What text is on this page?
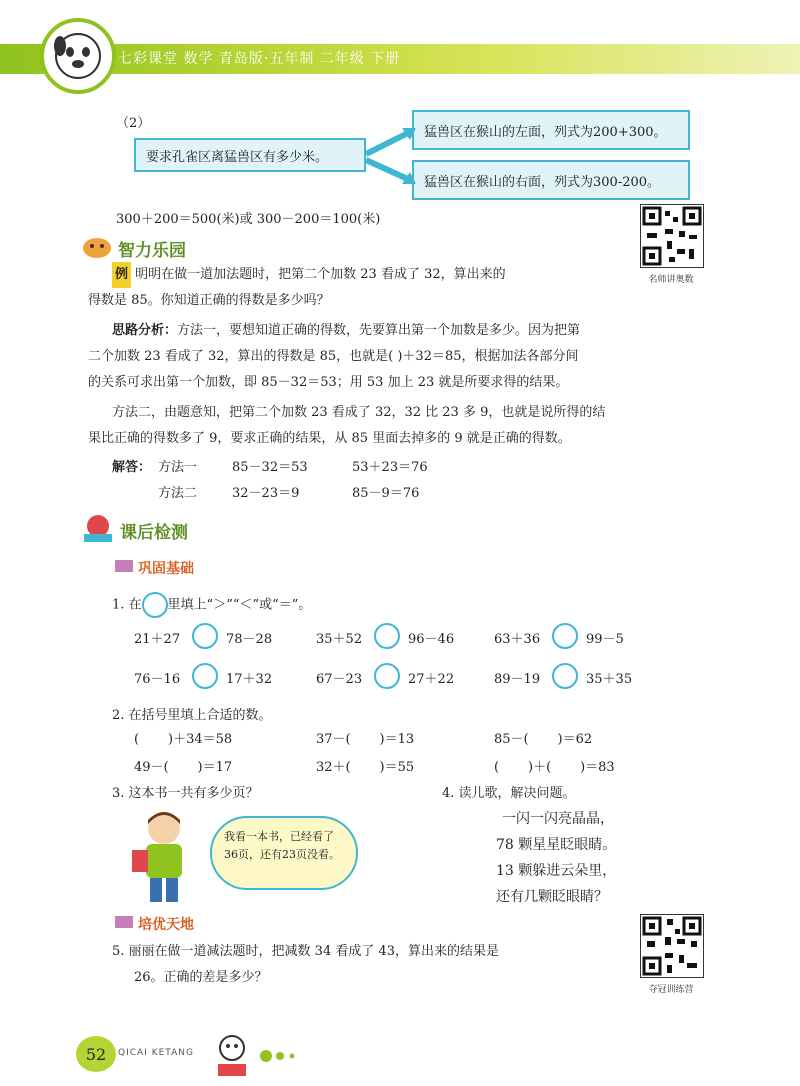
七彩课堂 数学 青岛版·五年制 二年级 下册
（2）
要求孔雀区离猛兽区有多少米。
猛兽区在猴山的左面，列式为200+300。
猛兽区在猴山的右面，列式为300-200。
300＋200＝500(米)或 300－200＝100(米)
名师讲奥数
智力乐园
例 明明在做一道加法题时，把第二个加数 23 看成了 32，算出来的
得数是 85。你知道正确的得数是多少吗？
思路分析：方法一，要想知道正确的得数，先要算出第一个加数是多少。因为把第
二个加数 23 看成了 32，算出的得数是 85，也就是( )＋32＝85，根据加法各部分间
的关系可求出第一个加数，即 85－32＝53；用 53 加上 23 就是所要求得的结果。
方法二，由题意知，把第二个加数 23 看成了 32，32 比 23 多 9，也就是说所得的结
果比正确的得数多了 9，要求正确的结果，从 85 里面去掉多的 9 就是正确的得数。
解答： 方法一	85－32＝53	53＋23＝76
方法二	32－23＝9	85－9＝76
课后检测
巩固基础
1. 在 里填上“＞”“＜”或“＝”。
21＋27	78－28	35＋52	96－46	63＋36	99－5
76－16	17＋32	67－23	27＋22	89－19	35＋35
2. 在括号里填上合适的数。
(       )＋34＝58	37－(       )＝13	85－(       )＝62
49－(       )＝17	32＋(       )＝55	(       )＋(       )＝83
3. 这本书一共有多少页？
我看一本书，已经看了36页，还有23页没看。
4. 读儿歌，解决问题。
一闪一闪亮晶晶，
78 颗星星眨眼睛。
13 颗躲进云朵里，
还有几颗眨眼睛？
培优天地
5. 丽丽在做一道减法题时，把减数 34 看成了 43，算出来的结果是
26。正确的差是多少？
夺冠训练营
52	QICAI KETANG
